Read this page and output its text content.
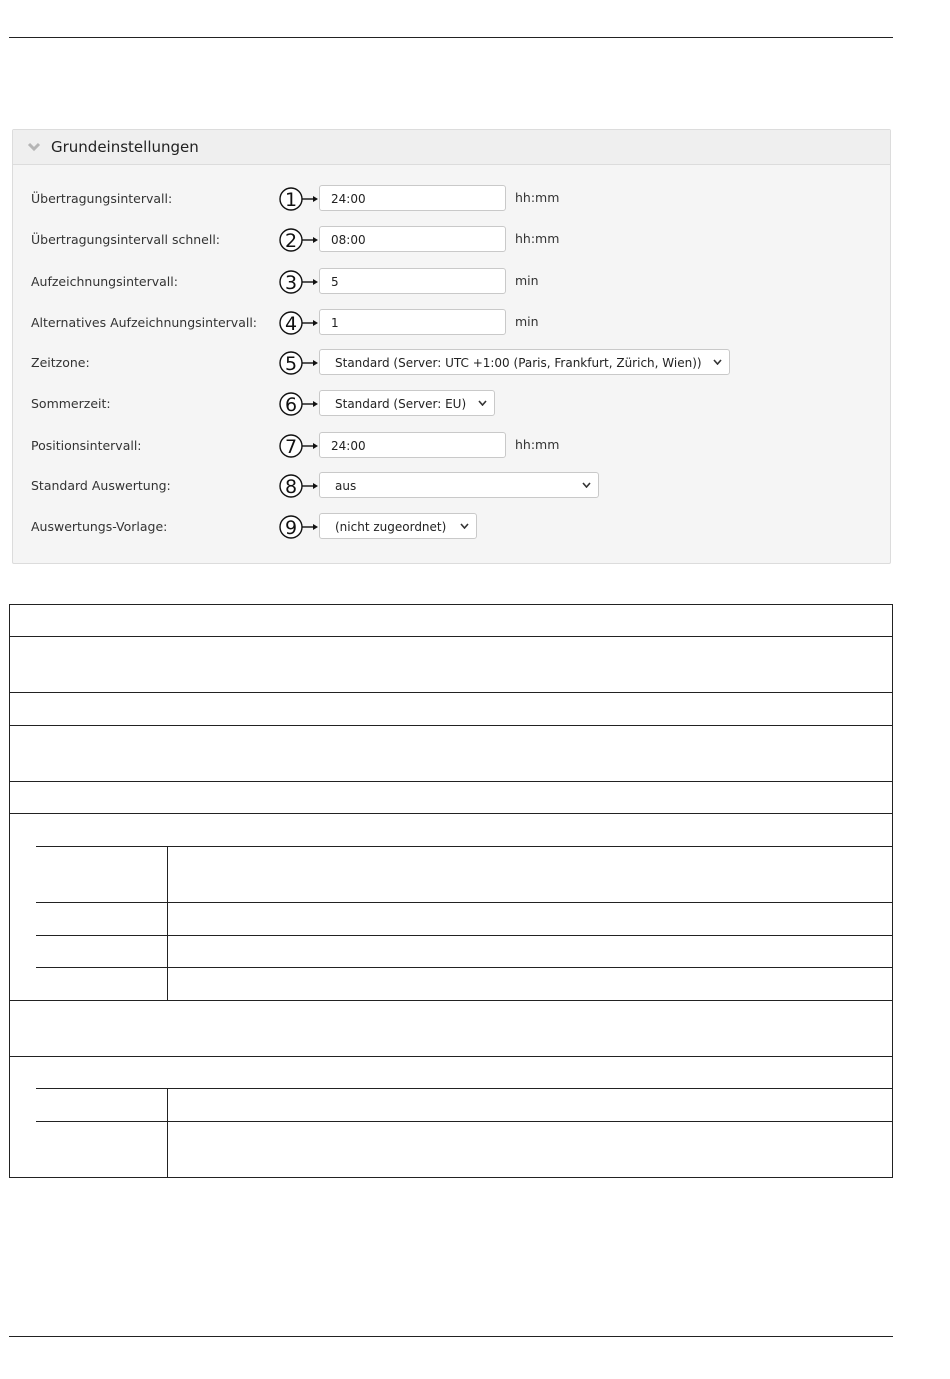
Grundeinstellungen
Übertragungsintervall:	1	24:00	hh:mm
Übertragungsintervall schnell:	2	08:00	hh:mm
Aufzeichnungsintervall:	3	5	min
Alternatives Aufzeichnungsintervall: 4	1	min
Zeitzone:	5	Standard (Server: UTC +1:00 (Paris, Frankfurt, Zürich, Wien))
Sommerzeit:	6	Standard (Server: EU)
Positionsintervall:	7	24:00	hh:mm
Standard Auswertung:	8	aus
Auswertungs-Vorlage:	9	(nicht zugeordnet)
